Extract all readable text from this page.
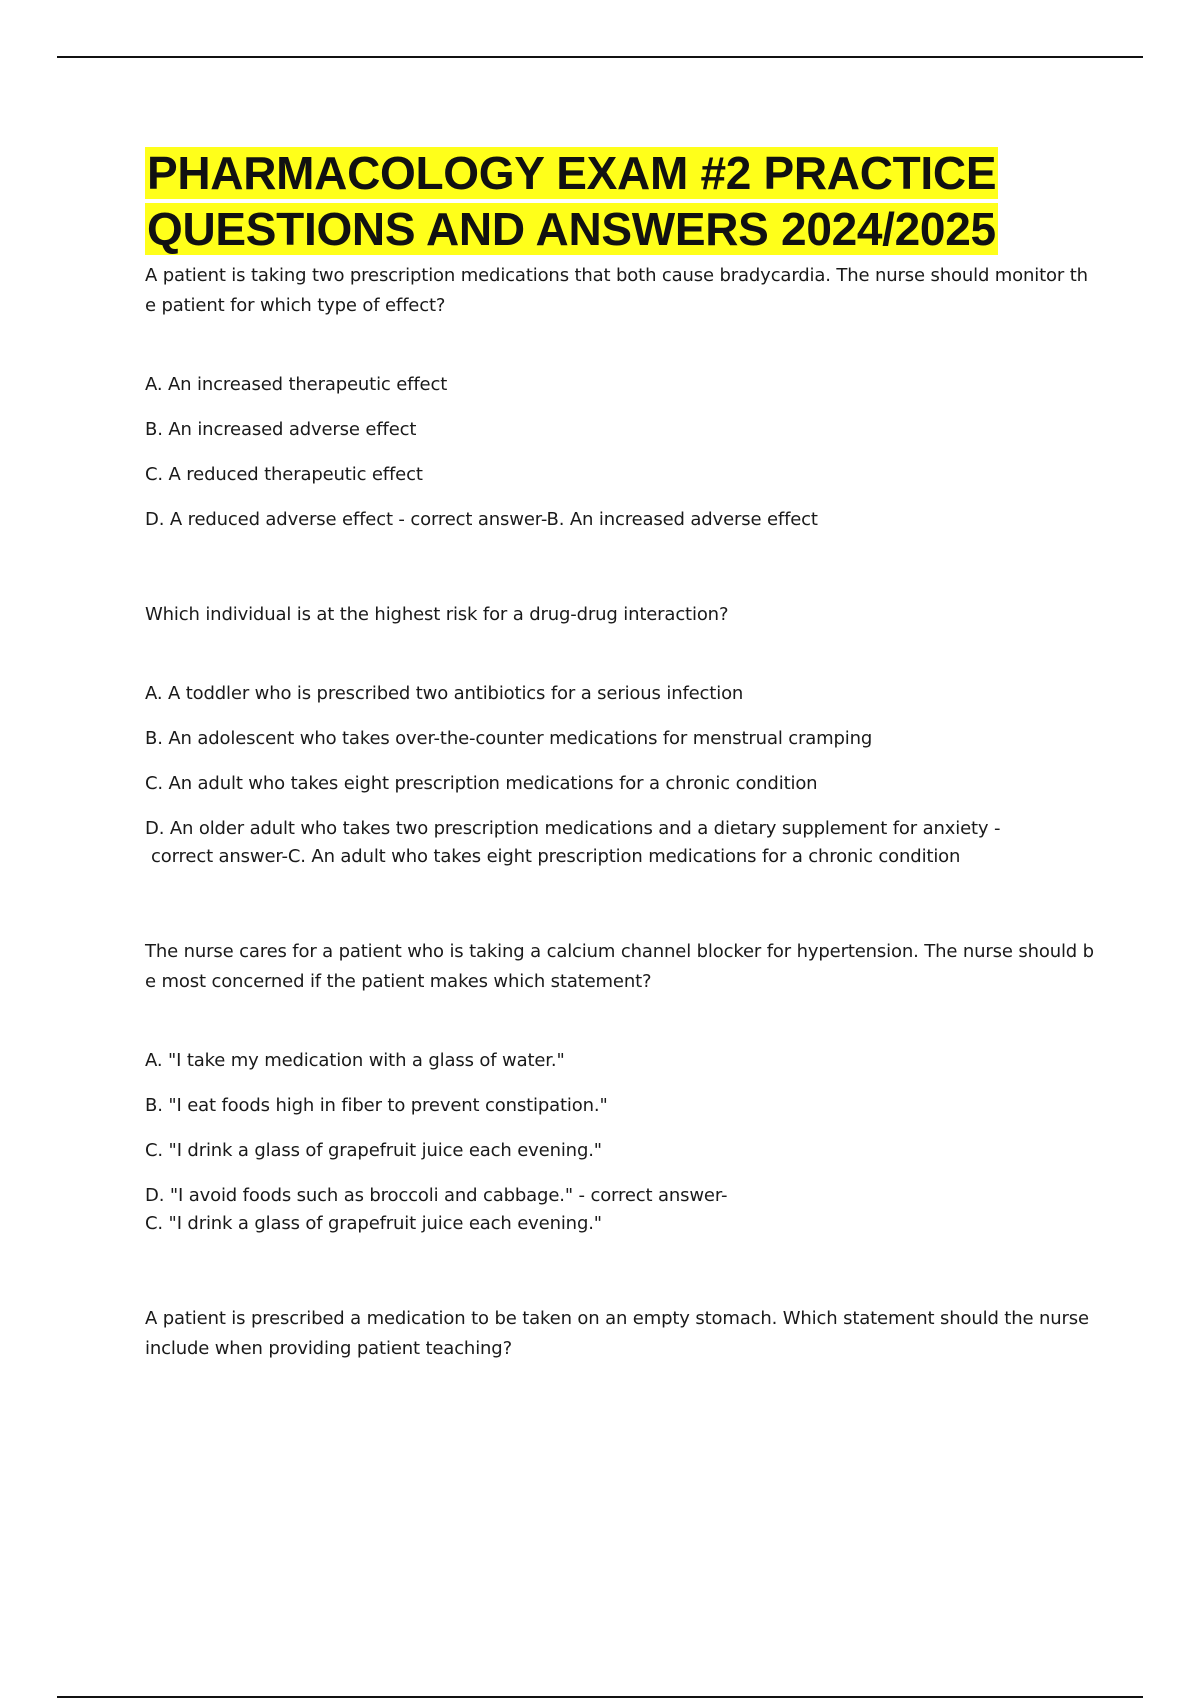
PHARMACOLOGY EXAM #2 PRACTICE
QUESTIONS AND ANSWERS 2024/2025

A patient is taking two prescription medications that both cause bradycardia. The nurse should monitor the patient for which type of effect?

A. An increased therapeutic effect

B. An increased adverse effect

C. A reduced therapeutic effect

D. A reduced adverse effect - correct answer-B. An increased adverse effect

Which individual is at the highest risk for a drug-drug interaction?

A. A toddler who is prescribed two antibiotics for a serious infection

B. An adolescent who takes over-the-counter medications for menstrual cramping

C. An adult who takes eight prescription medications for a chronic condition

D. An older adult who takes two prescription medications and a dietary supplement for anxiety -
correct answer-C. An adult who takes eight prescription medications for a chronic condition

The nurse cares for a patient who is taking a calcium channel blocker for hypertension. The nurse should be most concerned if the patient makes which statement?

A. "I take my medication with a glass of water."

B. "I eat foods high in fiber to prevent constipation."

C. "I drink a glass of grapefruit juice each evening."

D. "I avoid foods such as broccoli and cabbage." - correct answer-
C. "I drink a glass of grapefruit juice each evening."

A patient is prescribed a medication to be taken on an empty stomach. Which statement should the nurse include when providing patient teaching?
